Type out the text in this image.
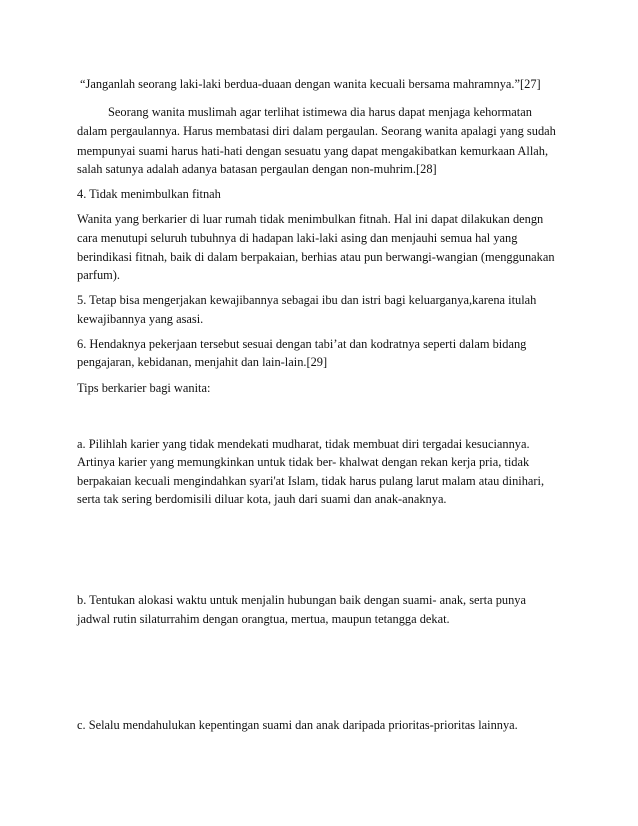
“Janganlah seorang laki-laki berdua-duaan dengan wanita kecuali bersama mahramnya.”[27]
Seorang wanita muslimah agar terlihat istimewa dia harus dapat menjaga kehormatan
dalam pergaulannya. Harus membatasi diri dalam pergaulan. Seorang wanita apalagi yang sudah
mempunyai suami harus hati-hati dengan sesuatu yang dapat mengakibatkan kemurkaan Allah,
salah satunya adalah adanya batasan pergaulan dengan non-muhrim.[28]
4. Tidak menimbulkan fitnah
Wanita yang berkarier di luar rumah tidak menimbulkan fitnah. Hal ini dapat dilakukan dengn
cara menutupi seluruh tubuhnya di hadapan laki-laki asing dan menjauhi semua hal yang
berindikasi fitnah, baik di dalam berpakaian, berhias atau pun berwangi-wangian (menggunakan
parfum).
5. Tetap bisa mengerjakan kewajibannya sebagai ibu dan istri bagi keluarganya,karena itulah
kewajibannya yang asasi.
6. Hendaknya pekerjaan tersebut sesuai dengan tabi’at dan kodratnya seperti dalam bidang
pengajaran, kebidanan, menjahit dan lain-lain.[29]
Tips berkarier bagi wanita:
a. Pilihlah karier yang tidak mendekati mudharat, tidak membuat diri tergadai kesuciannya.
Artinya karier yang memungkinkan untuk tidak ber- khalwat dengan rekan kerja pria, tidak
berpakaian kecuali mengindahkan syari'at Islam, tidak harus pulang larut malam atau dinihari,
serta tak sering berdomisili diluar kota, jauh dari suami dan anak-anaknya.
b. Tentukan alokasi waktu untuk menjalin hubungan baik dengan suami- anak, serta punya
jadwal rutin silaturrahim dengan orangtua, mertua, maupun tetangga dekat.
c. Selalu mendahulukan kepentingan suami dan anak daripada prioritas-prioritas lainnya.
